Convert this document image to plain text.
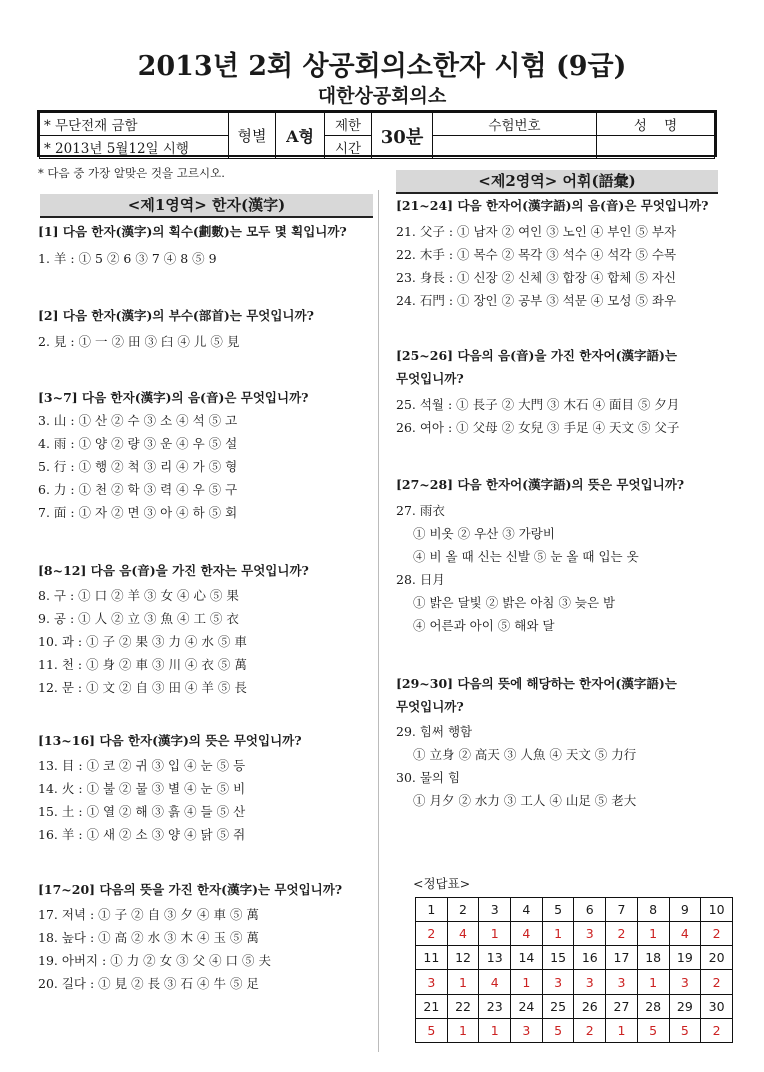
2013년 2회 상공회의소한자 시험 (9급)
대한상공회의소
* 무단전재 금함	형별	A형	제한	30분	수험번호	성    명
* 2013년 5월12일 시행			시간			
* 다음 중 가장 알맞은 것을 고르시오.
<제1영역> 한자(漢字)
<제2영역> 어휘(語彙)
[1] 다음 한자(漢字)의 획수(劃數)는 모두 몇 획입니까?
1. 羊 : ① 5 ② 6 ③ 7 ④ 8 ⑤ 9
[2] 다음 한자(漢字)의 부수(部首)는 무엇입니까?
2. 見 : ① 一 ② 田 ③ 臼 ④ 儿 ⑤ 見
[3~7] 다음 한자(漢字)의 음(音)은 무엇입니까?
3. 山 : ① 산 ② 수 ③ 소 ④ 석 ⑤ 고
4. 雨 : ① 양 ② 량 ③ 운 ④ 우 ⑤ 설
5. 行 : ① 행 ② 척 ③ 리 ④ 가 ⑤ 형
6. 力 : ① 천 ② 학 ③ 력 ④ 우 ⑤ 구
7. 面 : ① 자 ② 면 ③ 아 ④ 하 ⑤ 회
[8~12] 다음 음(音)을 가진 한자는 무엇입니까?
8. 구 : ① 口 ② 羊 ③ 女 ④ 心 ⑤ 果
9. 공 : ① 人 ② 立 ③ 魚 ④ 工 ⑤ 衣
10. 과 : ① 子 ② 果 ③ 力 ④ 水 ⑤ 車
11. 천 : ① 身 ② 車 ③ 川 ④ 衣 ⑤ 萬
12. 문 : ① 文 ② 自 ③ 田 ④ 羊 ⑤ 長
[13~16] 다음 한자(漢字)의 뜻은 무엇입니까?
13. 目 : ① 코 ② 귀 ③ 입 ④ 눈 ⑤ 등
14. 火 : ① 불 ② 물 ③ 별 ④ 눈 ⑤ 비
15. 土 : ① 열 ② 해 ③ 흙 ④ 들 ⑤ 산
16. 羊 : ① 새 ② 소 ③ 양 ④ 닭 ⑤ 쥐
[17~20] 다음의 뜻을 가진 한자(漢字)는 무엇입니까?
17. 저녁 : ① 子 ② 自 ③ 夕 ④ 車 ⑤ 萬
18. 높다 : ① 高 ② 水 ③ 木 ④ 玉 ⑤ 萬
19. 아버지 : ① 力 ② 女 ③ 父 ④ 口 ⑤ 夫
20. 길다 : ① 見 ② 長 ③ 石 ④ 牛 ⑤ 足
[21~24] 다음 한자어(漢字語)의 음(音)은 무엇입니까?
21. 父子 : ① 남자 ② 여인 ③ 노인 ④ 부인 ⑤ 부자
22. 木手 : ① 목수 ② 목각 ③ 석수 ④ 석각 ⑤ 수목
23. 身長 : ① 신장 ② 신체 ③ 합장 ④ 합체 ⑤ 자신
24. 石門 : ① 장인 ② 공부 ③ 석문 ④ 모성 ⑤ 좌우
[25~26] 다음의 음(音)을 가진 한자어(漢字語)는
무엇입니까?
25. 석월 : ① 長子 ② 大門 ③ 木石 ④ 面目 ⑤ 夕月
26. 여아 : ① 父母 ② 女兒 ③ 手足 ④ 天文 ⑤ 父子
[27~28] 다음 한자어(漢字語)의 뜻은 무엇입니까?
27. 雨衣
① 비옷 ② 우산 ③ 가랑비
④ 비 올 때 신는 신발 ⑤ 눈 올 때 입는 옷
28. 日月
① 밝은 달빛 ② 밝은 아침 ③ 늦은 밤
④ 어른과 아이 ⑤ 해와 달
[29~30] 다음의 뜻에 해당하는 한자어(漢字語)는
무엇입니까?
29. 힘써 행함
① 立身 ② 高天 ③ 人魚 ④ 天文 ⑤ 力行
30. 물의 힘
① 月夕 ② 水力 ③ 工人 ④ 山足 ⑤ 老大
<정답표>
1	2	3	4	5	6	7	8	9	10
2	4	1	4	1	3	2	1	4	2
11	12	13	14	15	16	17	18	19	20
3	1	4	1	3	3	3	1	3	2
21	22	23	24	25	26	27	28	29	30
5	1	1	3	5	2	1	5	5	2
